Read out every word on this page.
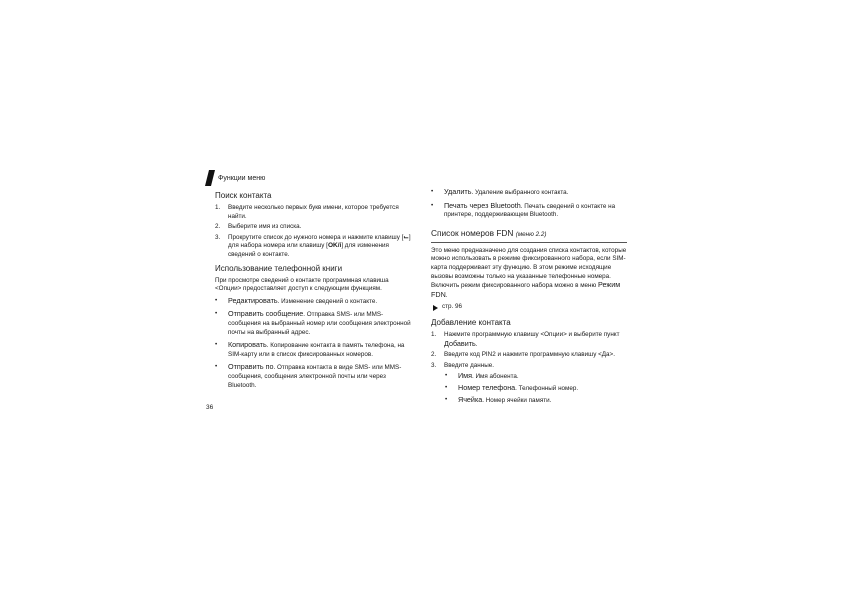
Функции меню
Поиск контакта
1.	Введите несколько первых букв имени, которое требуется найти.
2.	Выберите имя из списка.
3.	Прокрутите список до нужного номера и нажмите клавишу [⌙] для набора номера или клавишу [OK/i] для изменения сведений о контакте.
Использование телефонной книги
При просмотре сведений о контакте программная клавиша <Опции> предоставляет доступ к следующим функциям.
•	Редактировать. Изменение сведений о контакте.
•	Отправить сообщение. Отправка SMS- или MMS-сообщения на выбранный номер или сообщения электронной почты на выбранный адрес.
•	Копировать. Копирование контакта в память телефона, на SIM-карту или в список фиксированных номеров.
•	Отправить по. Отправка контакта в виде SMS- или MMS-сообщения, сообщения электронной почты или через Bluetooth.
•	Удалить. Удаление выбранного контакта.
•	Печать через Bluetooth. Печать сведений о контакте на принтере, поддерживающем Bluetooth.
Список номеров FDN (меню 2.2)
Это меню предназначено для создания списка контактов, которые можно использовать в режиме фиксированного набора, если SIM-карта поддерживает эту функцию. В этом режиме исходящие вызовы возможны только на указанные телефонные номера. Включить режим фиксированного набора можно в меню Режим FDN.
стр. 96
Добавление контакта
1.	Нажмите программную клавишу <Опции> и выберите пункт Добавить.
2.	Введите код PIN2 и нажмите программную клавишу <Да>.
3.	Введите данные.
•	Имя. Имя абонента.
•	Номер телефона. Телефонный номер.
•	Ячейка. Номер ячейки памяти.
36
